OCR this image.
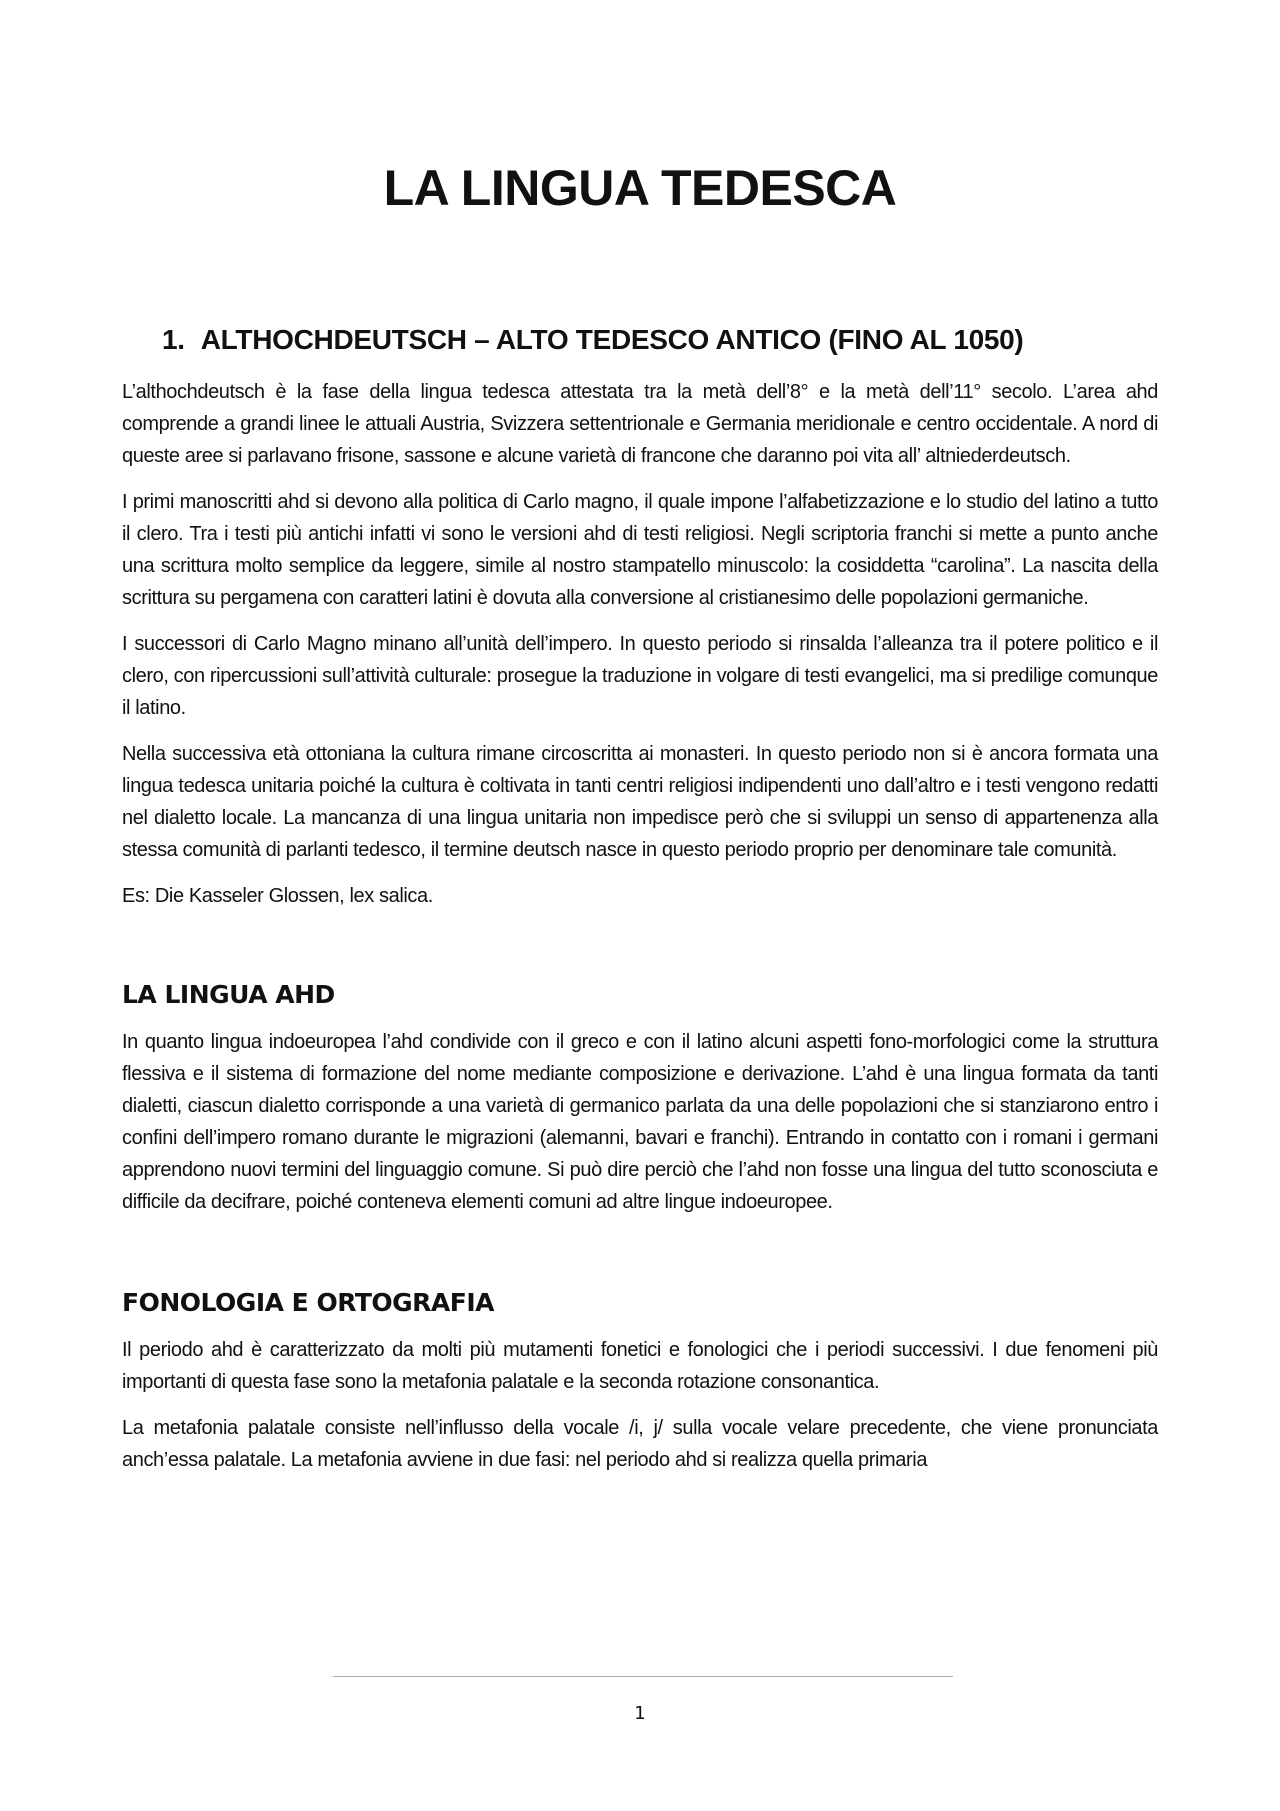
LA LINGUA TEDESCA
1. ALTHOCHDEUTSCH – ALTO TEDESCO ANTICO (FINO AL 1050)

L’althochdeutsch è la fase della lingua tedesca attestata tra la metà dell’8° e la metà dell’11° secolo. L’area ahd comprende a grandi linee le attuali Austria, Svizzera settentrionale e Germania meridionale e centro occidentale. A nord di queste aree si parlavano frisone, sassone e alcune varietà di francone che daranno poi vita all’ altniederdeutsch.

I primi manoscritti ahd si devono alla politica di Carlo magno, il quale impone l’alfabetizzazione e lo studio del latino a tutto il clero. Tra i testi più antichi infatti vi sono le versioni ahd di testi religiosi. Negli scriptoria franchi si mette a punto anche una scrittura molto semplice da leggere, simile al nostro stampatello minuscolo: la cosiddetta “carolina”. La nascita della scrittura su pergamena con caratteri latini è dovuta alla conversione al cristianesimo delle popolazioni germaniche.

I successori di Carlo Magno minano all’unità dell’impero. In questo periodo si rinsalda l’alleanza tra il potere politico e il clero, con ripercussioni sull’attività culturale: prosegue la traduzione in volgare di testi evangelici, ma si predilige comunque il latino.

Nella successiva età ottoniana la cultura rimane circoscritta ai monasteri. In questo periodo non si è ancora formata una lingua tedesca unitaria poiché la cultura è coltivata in tanti centri religiosi indipendenti uno dall’altro e i testi vengono redatti nel dialetto locale. La mancanza di una lingua unitaria non impedisce però che si sviluppi un senso di appartenenza alla stessa comunità di parlanti tedesco, il termine deutsch nasce in questo periodo proprio per denominare tale comunità.

Es: Die Kasseler Glossen, lex salica.

LA LINGUA AHD

In quanto lingua indoeuropea l’ahd condivide con il greco e con il latino alcuni aspetti fono-morfologici come la struttura flessiva e il sistema di formazione del nome mediante composizione e derivazione. L’ahd è una lingua formata da tanti dialetti, ciascun dialetto corrisponde a una varietà di germanico parlata da una delle popolazioni che si stanziarono entro i confini dell’impero romano durante le migrazioni (alemanni, bavari e franchi). Entrando in contatto con i romani i germani apprendono nuovi termini del linguaggio comune. Si può dire perciò che l’ahd non fosse una lingua del tutto sconosciuta e difficile da decifrare, poiché conteneva elementi comuni ad altre lingue indoeuropee.

FONOLOGIA E ORTOGRAFIA

Il periodo ahd è caratterizzato da molti più mutamenti fonetici e fonologici che i periodi successivi. I due fenomeni più importanti di questa fase sono la metafonia palatale e la seconda rotazione consonantica.

La metafonia palatale consiste nell’influsso della vocale /i, j/ sulla vocale velare precedente, che viene pronunciata anch’essa palatale. La metafonia avviene in due fasi: nel periodo ahd si realizza quella primaria

1
